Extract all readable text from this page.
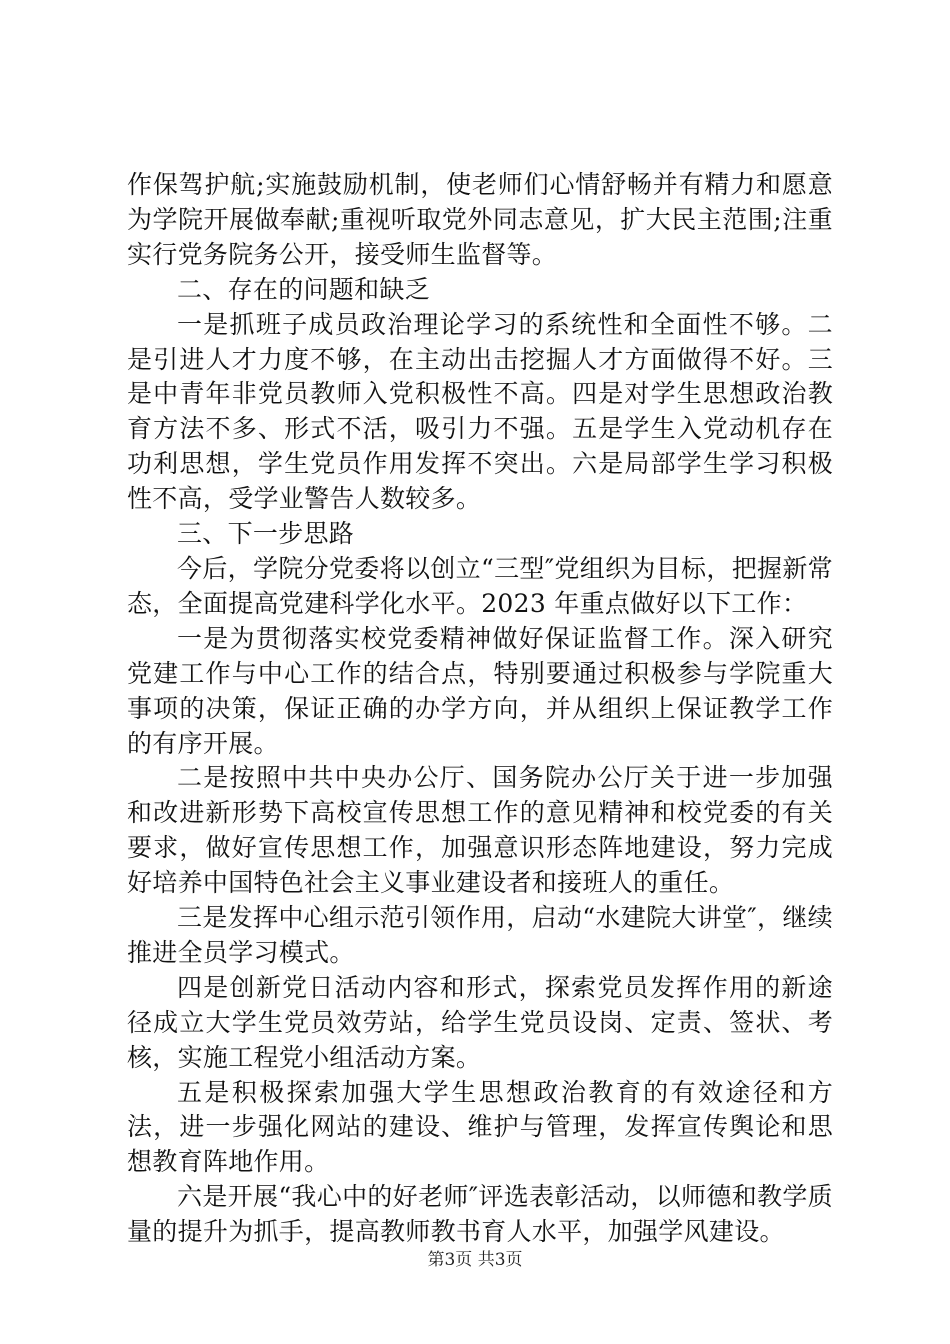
作保驾护航;实施鼓励机制，使老师们心情舒畅并有精力和愿意为学院开展做奉献;重视听取党外同志意见，扩大民主范围;注重实行党务院务公开，接受师生监督等。

二、存在的问题和缺乏

一是抓班子成员政治理论学习的系统性和全面性不够。二是引进人才力度不够，在主动出击挖掘人才方面做得不好。三是中青年非党员教师入党积极性不高。四是对学生思想政治教育方法不多、形式不活，吸引力不强。五是学生入党动机存在功利思想，学生党员作用发挥不突出。六是局部学生学习积极性不高，受学业警告人数较多。

三、下一步思路

今后，学院分党委将以创立“三型″党组织为目标，把握新常态，全面提高党建科学化水平。2023 年重点做好以下工作：

一是为贯彻落实校党委精神做好保证监督工作。深入研究党建工作与中心工作的结合点，特别要通过积极参与学院重大事项的决策，保证正确的办学方向，并从组织上保证教学工作的有序开展。

二是按照中共中央办公厅、国务院办公厅关于进一步加强和改进新形势下高校宣传思想工作的意见精神和校党委的有关要求，做好宣传思想工作，加强意识形态阵地建设，努力完成好培养中国特色社会主义事业建设者和接班人的重任。

三是发挥中心组示范引领作用，启动“水建院大讲堂″，继续推进全员学习模式。

四是创新党日活动内容和形式，探索党员发挥作用的新途径成立大学生党员效劳站，给学生党员设岗、定责、签状、考核，实施工程党小组活动方案。

五是积极探索加强大学生思想政治教育的有效途径和方法，进一步强化网站的建设、维护与管理，发挥宣传舆论和思想教育阵地作用。

六是开展“我心中的好老师″评选表彰活动，以师德和教学质量的提升为抓手，提高教师教书育人水平，加强学风建设。

第3页 共3页
